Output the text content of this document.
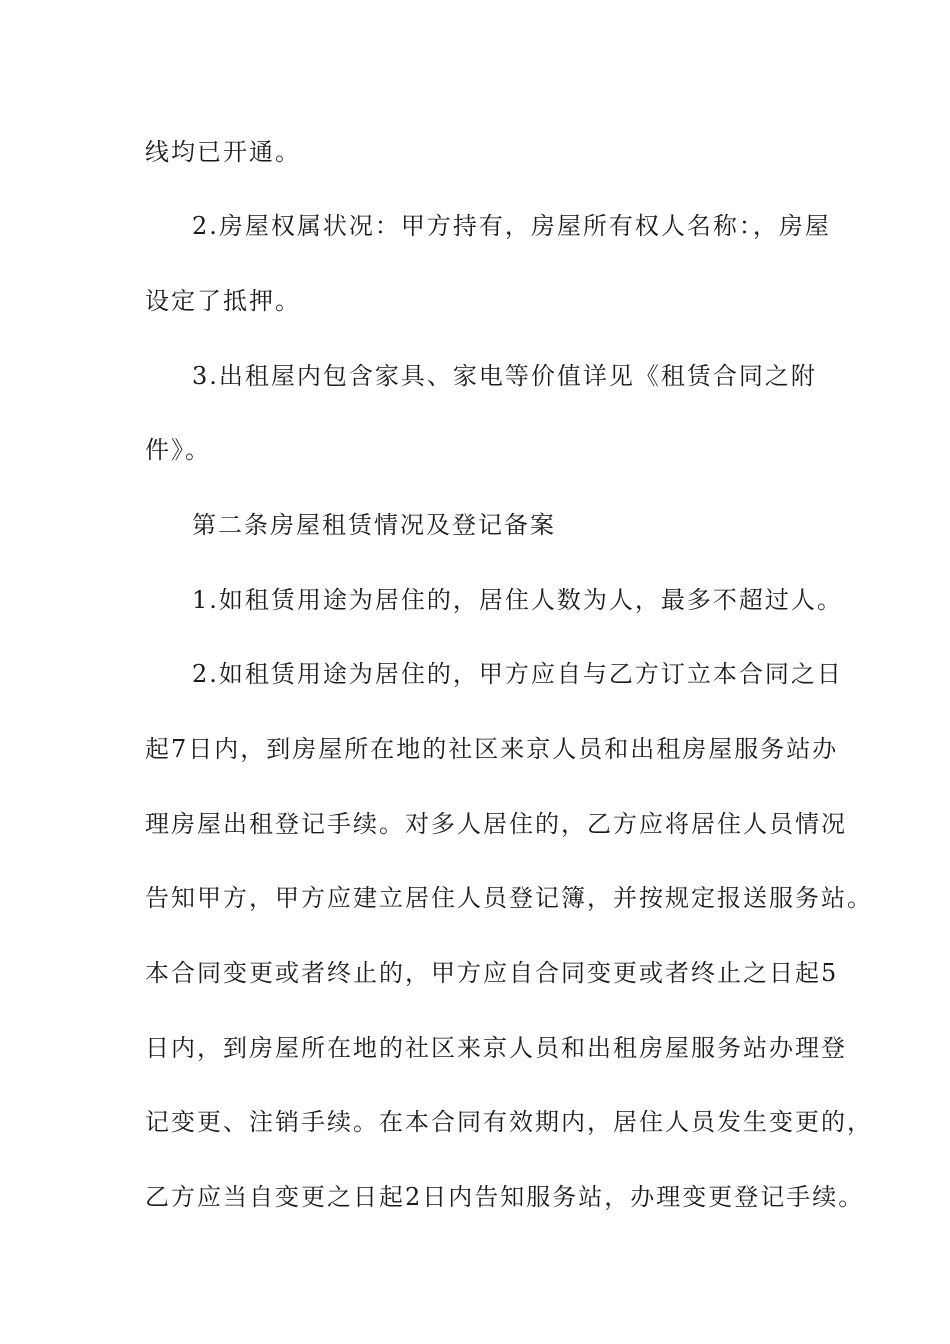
线均已开通。
2.房屋权属状况：甲方持有，房屋所有权人名称：，房屋
设定了抵押。
3.出租屋内包含家具、家电等价值详见《租赁合同之附
件》。
第二条房屋租赁情况及登记备案
1.如租赁用途为居住的，居住人数为人，最多不超过人。
2.如租赁用途为居住的，甲方应自与乙方订立本合同之日
起7日内，到房屋所在地的社区来京人员和出租房屋服务站办
理房屋出租登记手续。对多人居住的，乙方应将居住人员情况
告知甲方，甲方应建立居住人员登记簿，并按规定报送服务站。
本合同变更或者终止的，甲方应自合同变更或者终止之日起5
日内，到房屋所在地的社区来京人员和出租房屋服务站办理登
记变更、注销手续。在本合同有效期内，居住人员发生变更的，
乙方应当自变更之日起2日内告知服务站，办理变更登记手续。
